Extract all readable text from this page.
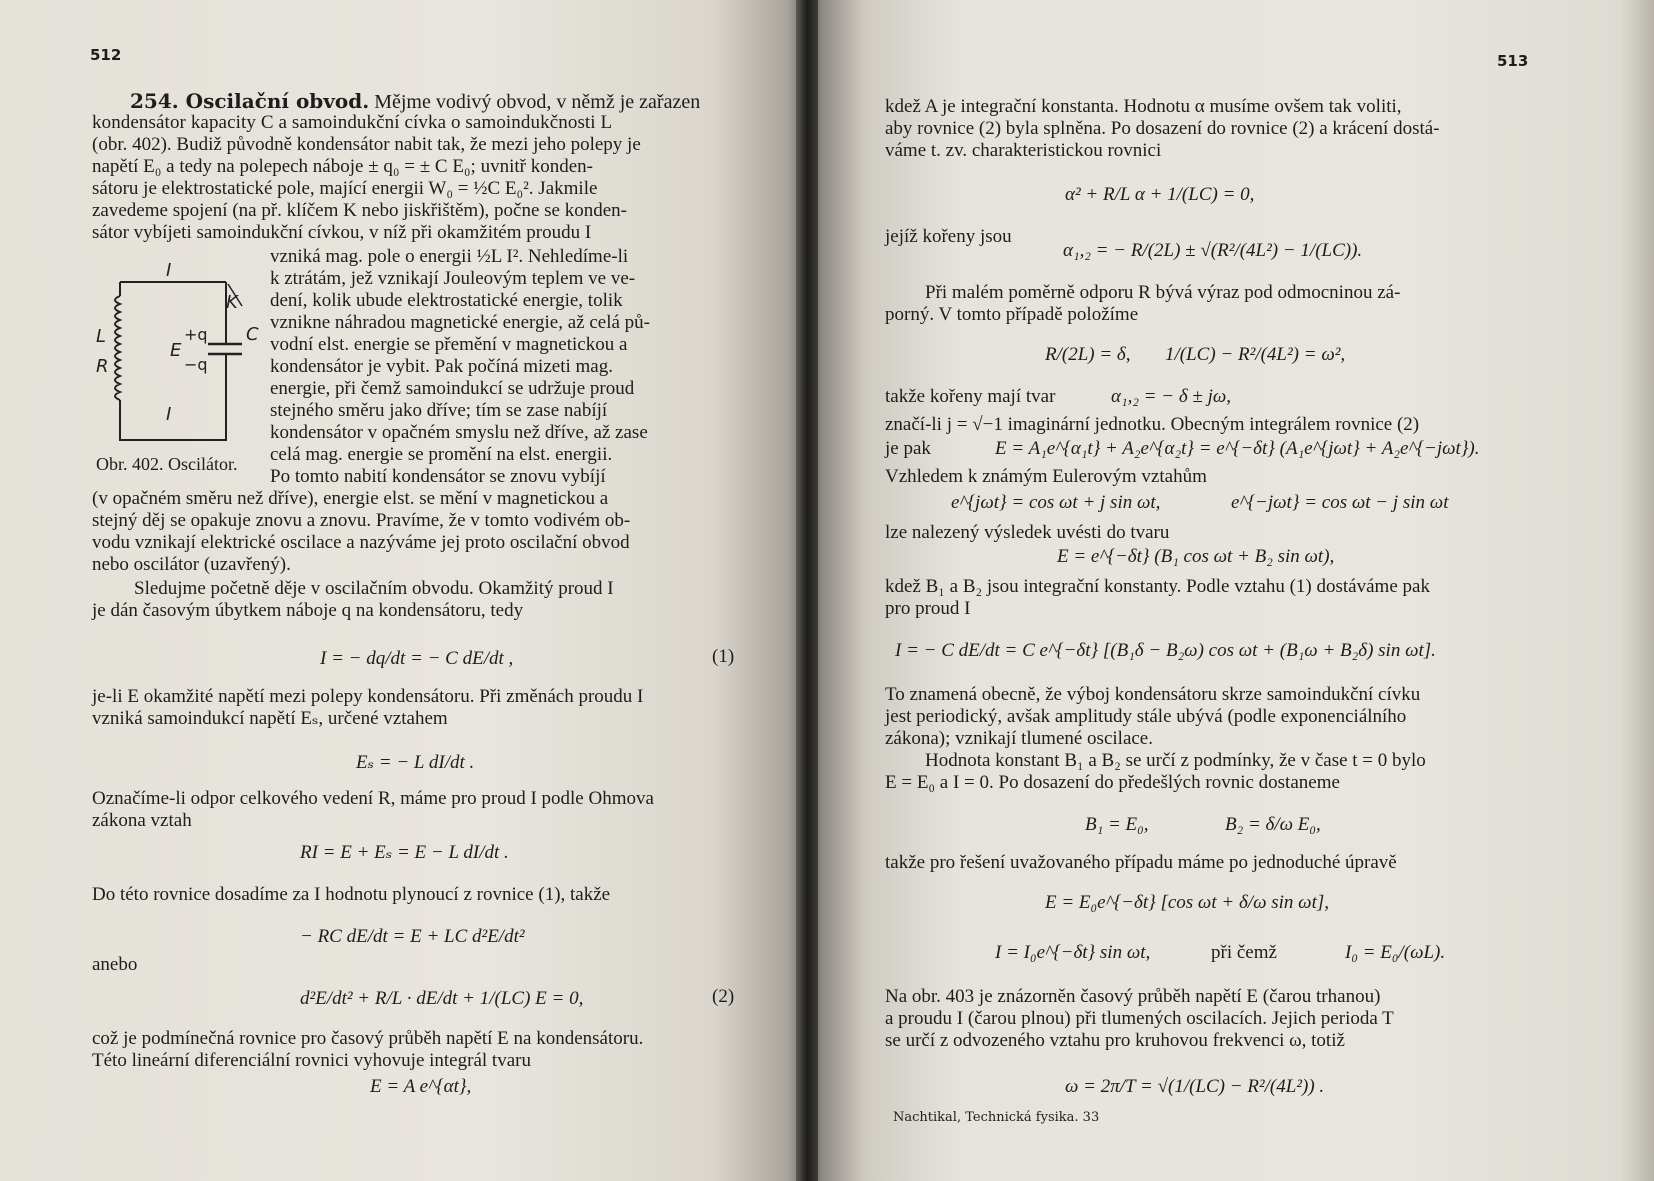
512
254. Oscilační obvod. Mějme vodivý obvod, v němž je zařazen
kondensátor kapacity C a samoindukční cívka o samoindukčnosti L
(obr. 402). Budiž původně kondensátor nabit tak, že mezi jeho polepy je
napětí E₀ a tedy na polepech náboje ± q₀ = ± C E₀; uvnitř konden-
sátoru je elektrostatické pole, mající energii W₀ = ½C E₀². Jakmile
zavedeme spojení (na př. klíčem K nebo jiskřištěm), počne se konden-
sátor vybíjeti samoindukční cívkou, v níž při okamžitém proudu I
vzniká mag. pole o energii ½L I². Nehledíme-li
k ztrátám, jež vznikají Jouleovým teplem ve ve-
dení, kolik ubude elektrostatické energie, tolik
vznikne náhradou magnetické energie, až celá pů-
vodní elst. energie se přemění v magnetickou a
kondensátor je vybit. Pak počíná mizeti mag.
energie, při čemž samoindukcí se udržuje proud
stejného směru jako dříve; tím se zase nabíjí
kondensátor v opačném smyslu než dříve, až zase
celá mag. energie se promění na elst. energii.
Po tomto nabití kondensátor se znovu vybíjí
I
I
K
L
R
E
+q
−q
C
Obr. 402. Oscilátor.
(v opačném směru než dříve), energie elst. se mění v magnetickou a
stejný děj se opakuje znovu a znovu. Pravíme, že v tomto vodivém ob-
vodu vznikají elektrické oscilace a nazýváme jej proto oscilační obvod
nebo oscilátor (uzavřený).
Sledujme početně děje v oscilačním obvodu. Okamžitý proud I
je dán časovým úbytkem náboje q na kondensátoru, tedy
I = − dq/dt = − C dE/dt ,	(1)
je-li E okamžité napětí mezi polepy kondensátoru. Při změnách proudu I
vzniká samoindukcí napětí Eₛ, určené vztahem
Eₛ = − L dI/dt .
Označíme-li odpor celkového vedení R, máme pro proud I podle Ohmova
zákona vztah
RI = E + Eₛ = E − L dI/dt .
Do této rovnice dosadíme za I hodnotu plynoucí z rovnice (1), takže
− RC dE/dt = E + LC d²E/dt²
anebo
d²E/dt² + R/L · dE/dt + 1/(LC) E = 0,	(2)
což je podmínečná rovnice pro časový průběh napětí E na kondensátoru.
Této lineární diferenciální rovnici vyhovuje integrál tvaru
E = A e^{αt},
513
kdež A je integrační konstanta. Hodnotu α musíme ovšem tak voliti,
aby rovnice (2) byla splněna. Po dosazení do rovnice (2) a krácení dostá-
váme t. zv. charakteristickou rovnici
α² + R/L α + 1/(LC) = 0,
jejíž kořeny jsou
α₁,₂ = − R/(2L) ± √(R²/(4L²) − 1/(LC)).
Při malém poměrně odporu R bývá výraz pod odmocninou zá-
porný. V tomto případě položíme
R/(2L) = δ, 1/(LC) − R²/(4L²) = ω²,
takže kořeny mají tvar	α₁,₂ = − δ ± jω,
značí-li j = √−1 imaginární jednotku. Obecným integrálem rovnice (2)
je pak	E = A₁e^{α₁t} + A₂e^{α₂t} = e^{−δt} (A₁e^{jωt} + A₂e^{−jωt}).
Vzhledem k známým Eulerovým vztahům
e^{jωt} = cos ωt + j sin ωt,	e^{−jωt} = cos ωt − j sin ωt
lze nalezený výsledek uvésti do tvaru
E = e^{−δt} (B₁ cos ωt + B₂ sin ωt),
kdež B₁ a B₂ jsou integrační konstanty. Podle vztahu (1) dostáváme pak
pro proud I
I = − C dE/dt = C e^{−δt} [(B₁δ − B₂ω) cos ωt + (B₁ω + B₂δ) sin ωt].
To znamená obecně, že výboj kondensátoru skrze samoindukční cívku
jest periodický, avšak amplitudy stále ubývá (podle exponenciálního
zákona); vznikají tlumené oscilace.
Hodnota konstant B₁ a B₂ se určí z podmínky, že v čase t = 0 bylo
E = E₀ a I = 0. Po dosazení do předešlých rovnic dostaneme
B₁ = E₀,	B₂ = δ/ω E₀,
takže pro řešení uvažovaného případu máme po jednoduché úpravě
E = E₀e^{−δt} [cos ωt + δ/ω sin ωt],
I = I₀e^{−δt} sin ωt,	při čemž	I₀ = E₀/(ωL).
Na obr. 403 je znázorněn časový průběh napětí E (čarou trhanou)
a proudu I (čarou plnou) při tlumených oscilacích. Jejich perioda T
se určí z odvozeného vztahu pro kruhovou frekvenci ω, totiž
ω = 2π/T = √(1/(LC) − R²/(4L²)) .
Nachtikal, Technická fysika. 33
